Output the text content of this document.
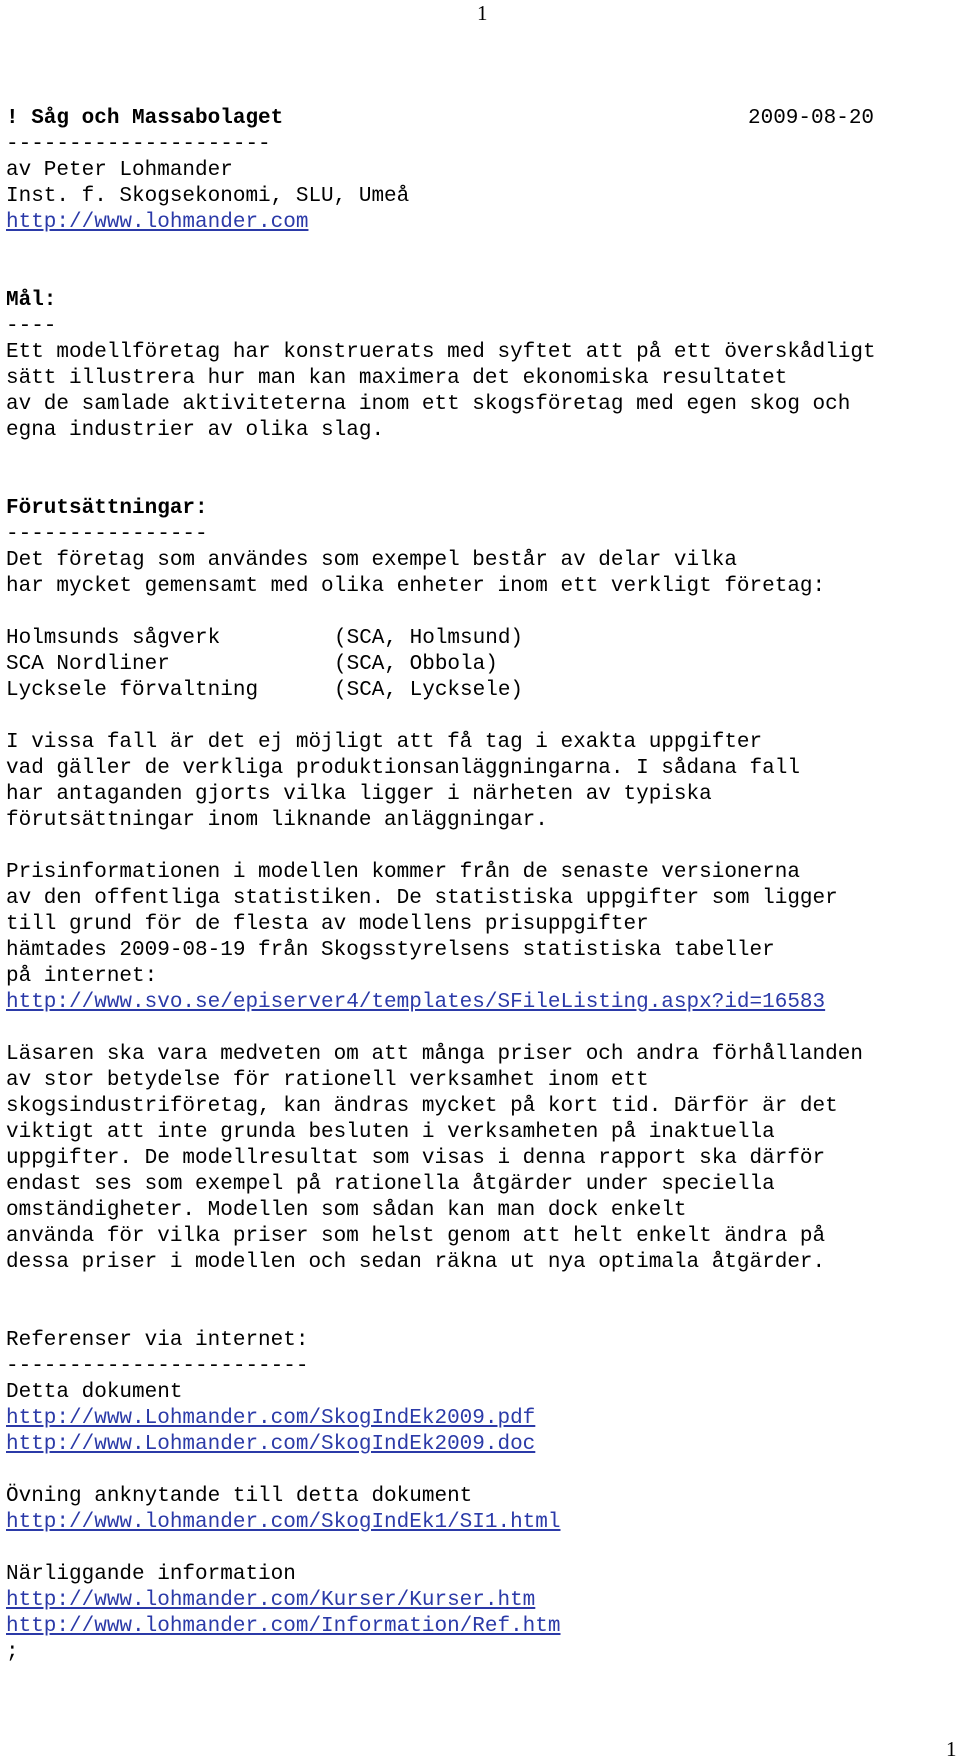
1
1
! Såg och Massabolaget	2009-08-20
---------------------
av Peter Lohmander
Inst. f. Skogsekonomi, SLU, Umeå
http://www.lohmander.com
Mål:
----
Ett modellföretag har konstruerats med syftet att på ett överskådligt
sätt illustrera hur man kan maximera det ekonomiska resultatet
av de samlade aktiviteterna inom ett skogsföretag med egen skog och
egna industrier av olika slag.
Förutsättningar:
----------------
Det företag som användes som exempel består av delar vilka
har mycket gemensamt med olika enheter inom ett verkligt företag:
Holmsunds sågverk	(SCA, Holmsund)
SCA Nordliner	(SCA, Obbola)
Lycksele förvaltning	(SCA, Lycksele)
I vissa fall är det ej möjligt att få tag i exakta uppgifter
vad gäller de verkliga produktionsanläggningarna. I sådana fall
har antaganden gjorts vilka ligger i närheten av typiska
förutsättningar inom liknande anläggningar.
Prisinformationen i modellen kommer från de senaste versionerna
av den offentliga statistiken. De statistiska uppgifter som ligger
till grund för de flesta av modellens prisuppgifter
hämtades 2009-08-19 från Skogsstyrelsens statistiska tabeller
på internet:
http://www.svo.se/episerver4/templates/SFileListing.aspx?id=16583
Läsaren ska vara medveten om att många priser och andra förhållanden
av stor betydelse för rationell verksamhet inom ett
skogsindustriföretag, kan ändras mycket på kort tid. Därför är det
viktigt att inte grunda besluten i verksamheten på inaktuella
uppgifter. De modellresultat som visas i denna rapport ska därför
endast ses som exempel på rationella åtgärder under speciella
omständigheter. Modellen som sådan kan man dock enkelt
använda för vilka priser som helst genom att helt enkelt ändra på
dessa priser i modellen och sedan räkna ut nya optimala åtgärder.
Referenser via internet:
------------------------
Detta dokument
http://www.Lohmander.com/SkogIndEk2009.pdf
http://www.Lohmander.com/SkogIndEk2009.doc
Övning anknytande till detta dokument
http://www.lohmander.com/SkogIndEk1/SI1.html
Närliggande information
http://www.lohmander.com/Kurser/Kurser.htm
http://www.lohmander.com/Information/Ref.htm
;
